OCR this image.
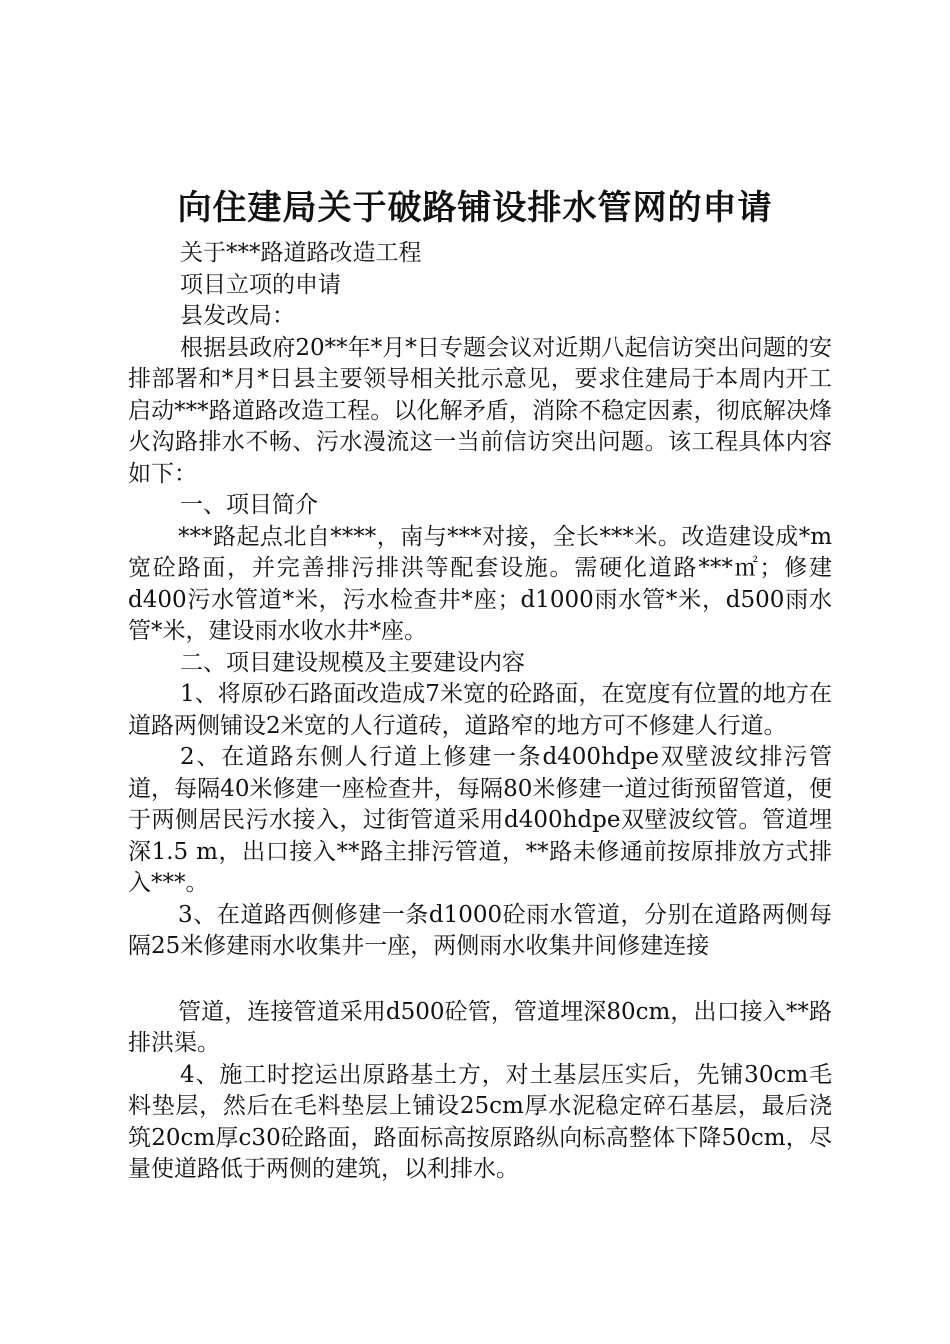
向住建局关于破路铺设排水管网的申请

关于***路道路改造工程

项目立项的申请

县发改局：

根据县政府20**年*月*日专题会议对近期八起信访突出问题的安排部署和*月*日县主要领导相关批示意见，要求住建局于本周内开工启动***路道路改造工程。以化解矛盾，消除不稳定因素，彻底解决烽火沟路排水不畅、污水漫流这一当前信访突出问题。该工程具体内容如下：

一、项目简介

***路起点北自****，南与***对接，全长***米。改造建设成*m宽砼路面，并完善排污排洪等配套设施。需硬化道路***㎡；修建d400污水管道*米，污水检查井*座；d1000雨水管*米，d500雨水管*米，建设雨水收水井*座。

二、项目建设规模及主要建设内容

1、将原砂石路面改造成7米宽的砼路面，在宽度有位置的地方在道路两侧铺设2米宽的人行道砖，道路窄的地方可不修建人行道。

2、在道路东侧人行道上修建一条d400hdpe双壁波纹排污管道，每隔40米修建一座检查井，每隔80米修建一道过街预留管道，便于两侧居民污水接入，过街管道采用d400hdpe双壁波纹管。管道埋深1.5 m，出口接入**路主排污管道，**路未修通前按原排放方式排入***。

3、在道路西侧修建一条d1000砼雨水管道，分别在道路两侧每隔25米修建雨水收集井一座，两侧雨水收集井间修建连接

管道，连接管道采用d500砼管，管道埋深80cm，出口接入**路排洪渠。

4、施工时挖运出原路基土方，对土基层压实后，先铺30cm毛料垫层，然后在毛料垫层上铺设25cm厚水泥稳定碎石基层，最后浇筑20cm厚c30砼路面，路面标高按原路纵向标高整体下降50cm，尽量使道路低于两侧的建筑，以利排水。
